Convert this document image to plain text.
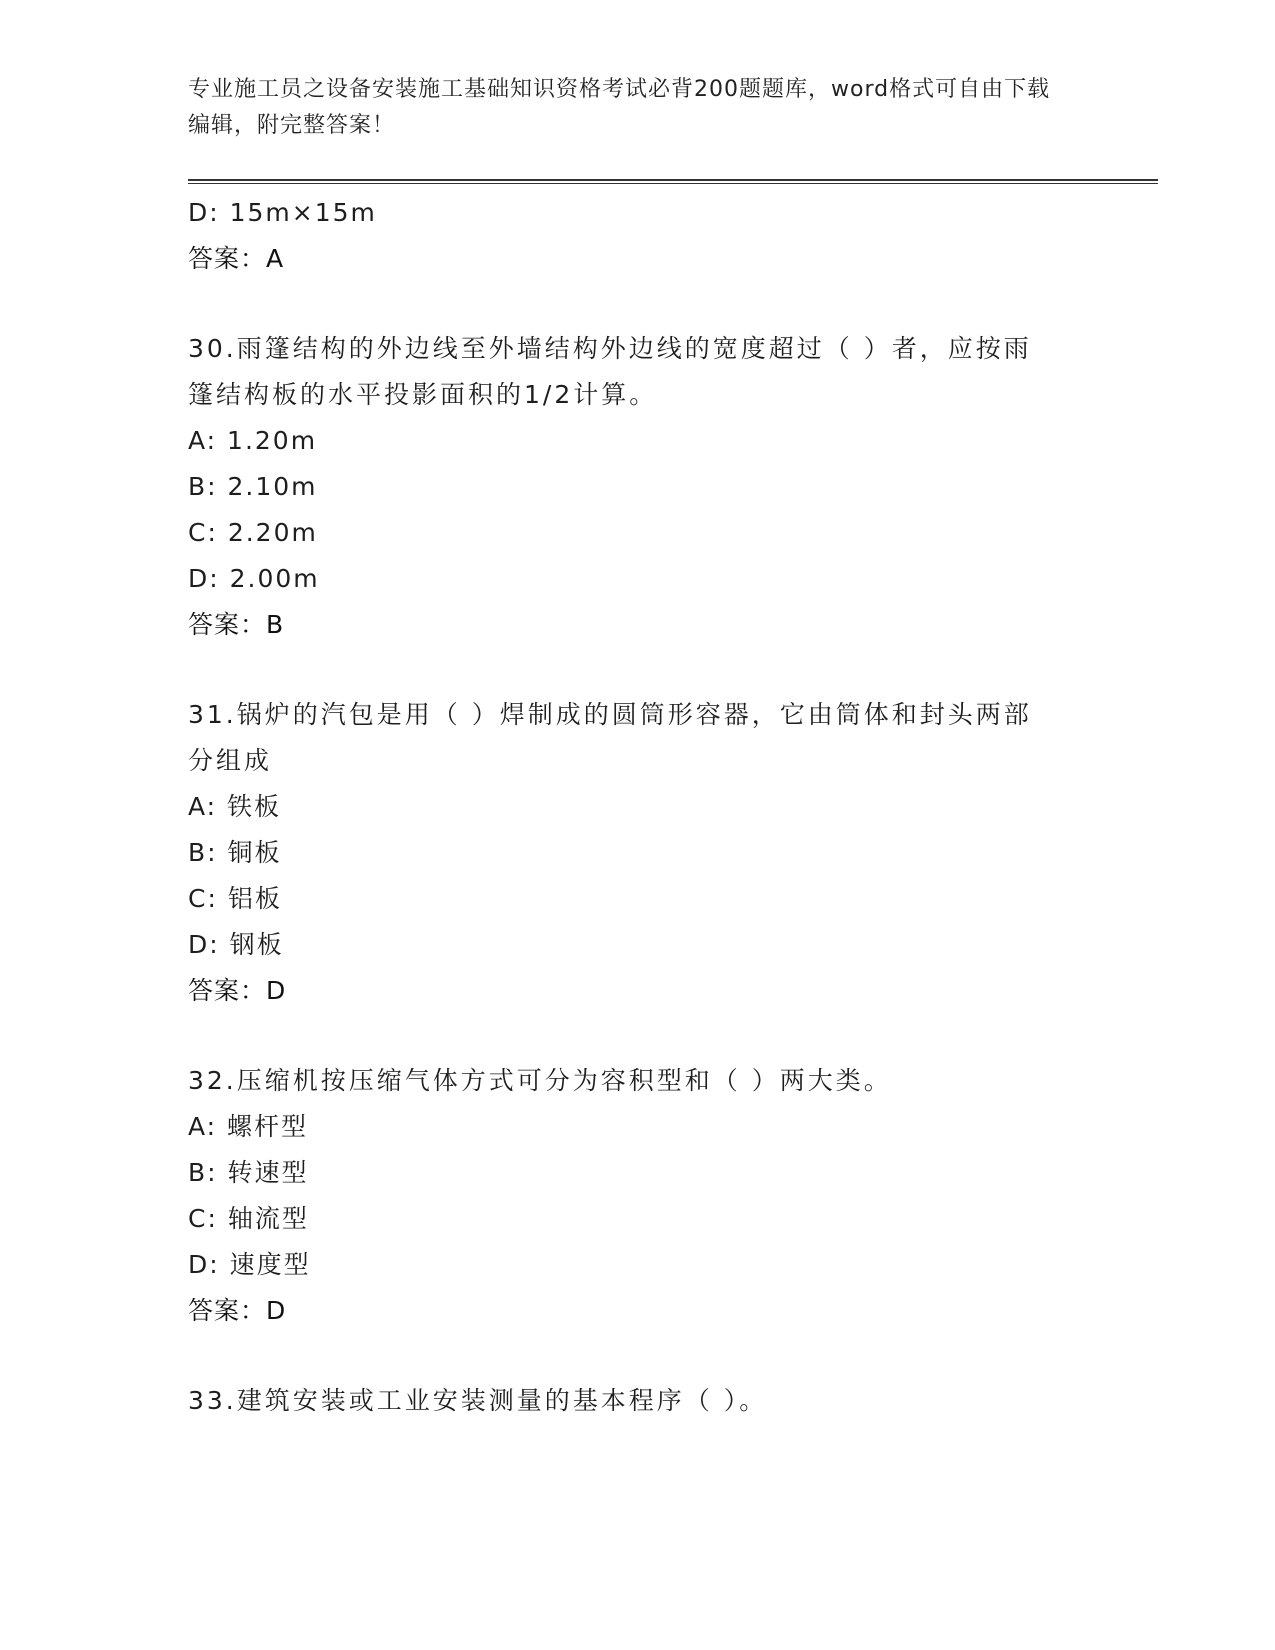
专业施工员之设备安装施工基础知识资格考试必背200题题库，word格式可自由下载编辑，附完整答案！
D: 15m×15m
答案：A
30.雨篷结构的外边线至外墙结构外边线的宽度超过（ ）者，应按雨
篷结构板的水平投影面积的1/2计算。
A: 1.20m
B: 2.10m
C: 2.20m
D: 2.00m
答案：B
31.锅炉的汽包是用（ ）焊制成的圆筒形容器，它由筒体和封头两部
分组成
A: 铁板
B: 铜板
C: 铝板
D: 钢板
答案：D
32.压缩机按压缩气体方式可分为容积型和（ ）两大类。
A: 螺杆型
B: 转速型
C: 轴流型
D: 速度型
答案：D
33.建筑安装或工业安装测量的基本程序（ ）。
